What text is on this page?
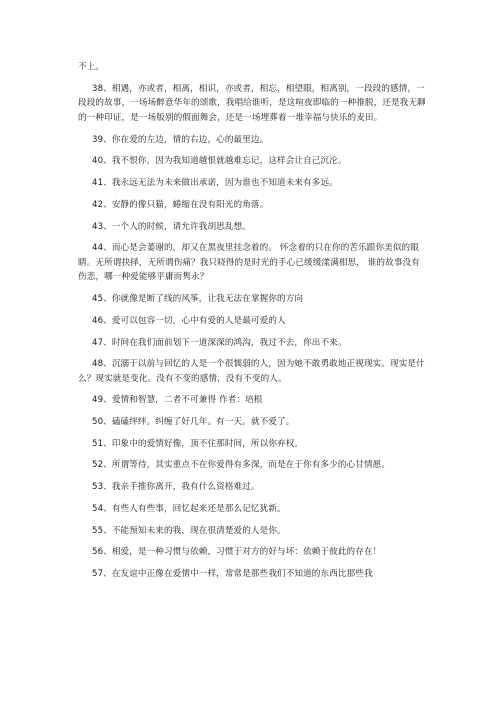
不上。

38、相遇，亦或者，相离，相识，亦或者，相忘，相望眼，相离别，一段段的感情，一段段的故事，一场场醉意华年的颂歌，我唱给谁听，是这喧夜即临的一种推脱，还是我无聊的一种印证，是一场版别的假面舞会，还是一场埋葬着一堆幸福与快乐的麦田。

39、你在爱的左边，情的右边，心的最里边。

40、我不恨你，因为我知道越恨就越难忘记，这样会让自己沉沦。

41、我永远无法为未来做出承诺，因为谁也不知道未来有多远。

42、安静的像只猫，蜷缩在没有阳光的角落。

43、一个人的时候，请允许我胡思乱想。

44、而心是会萎谢的，却又在黑夜里挂念着的。 怀念着的只在你的苦乐跟你美似的眼睛。无所谓抉择，无所谓伤痛？我只晓得的是时光的手心已缓缓漾满相思， 谁的故事没有伤悲，哪一种爱能够平庸而隽永？

45、你就像是断了线的风筝，让我无法在掌握你的方向

46、爱可以包容一切，心中有爱的人是最可爱的人

47、时间在我们面前划下一道深深的鸿沟，我过不去，你出不来。

48、沉溺于以前与回忆的人是一个很懦弱的人，因为她不敢勇敢地正视现实。现实是什么？现实就是变化。没有不变的感情，没有不变的人。

49、爱情和智慧，二者不可兼得 作者：培根

50、磕磕绊绊。纠缠了好几年。有一天。就不爱了。

51、印象中的爱情好像，顶不住那时间，所以你弃权。

52、所谓等待，其实重点不在你爱得有多深，而是在于你有多少的心甘情愿。

53、我亲手推你离开，我有什么资格难过。

54、有些人有些事，回忆起来还是那么记忆犹新。

55、不能预知未来的我，现在很清楚爱的人是你。

56、相爱，是一种习惯与依赖，习惯于对方的好与坏：依赖于彼此的存在！

57、在友谊中正像在爱情中一样，常常是那些我们不知道的东西比那些我
